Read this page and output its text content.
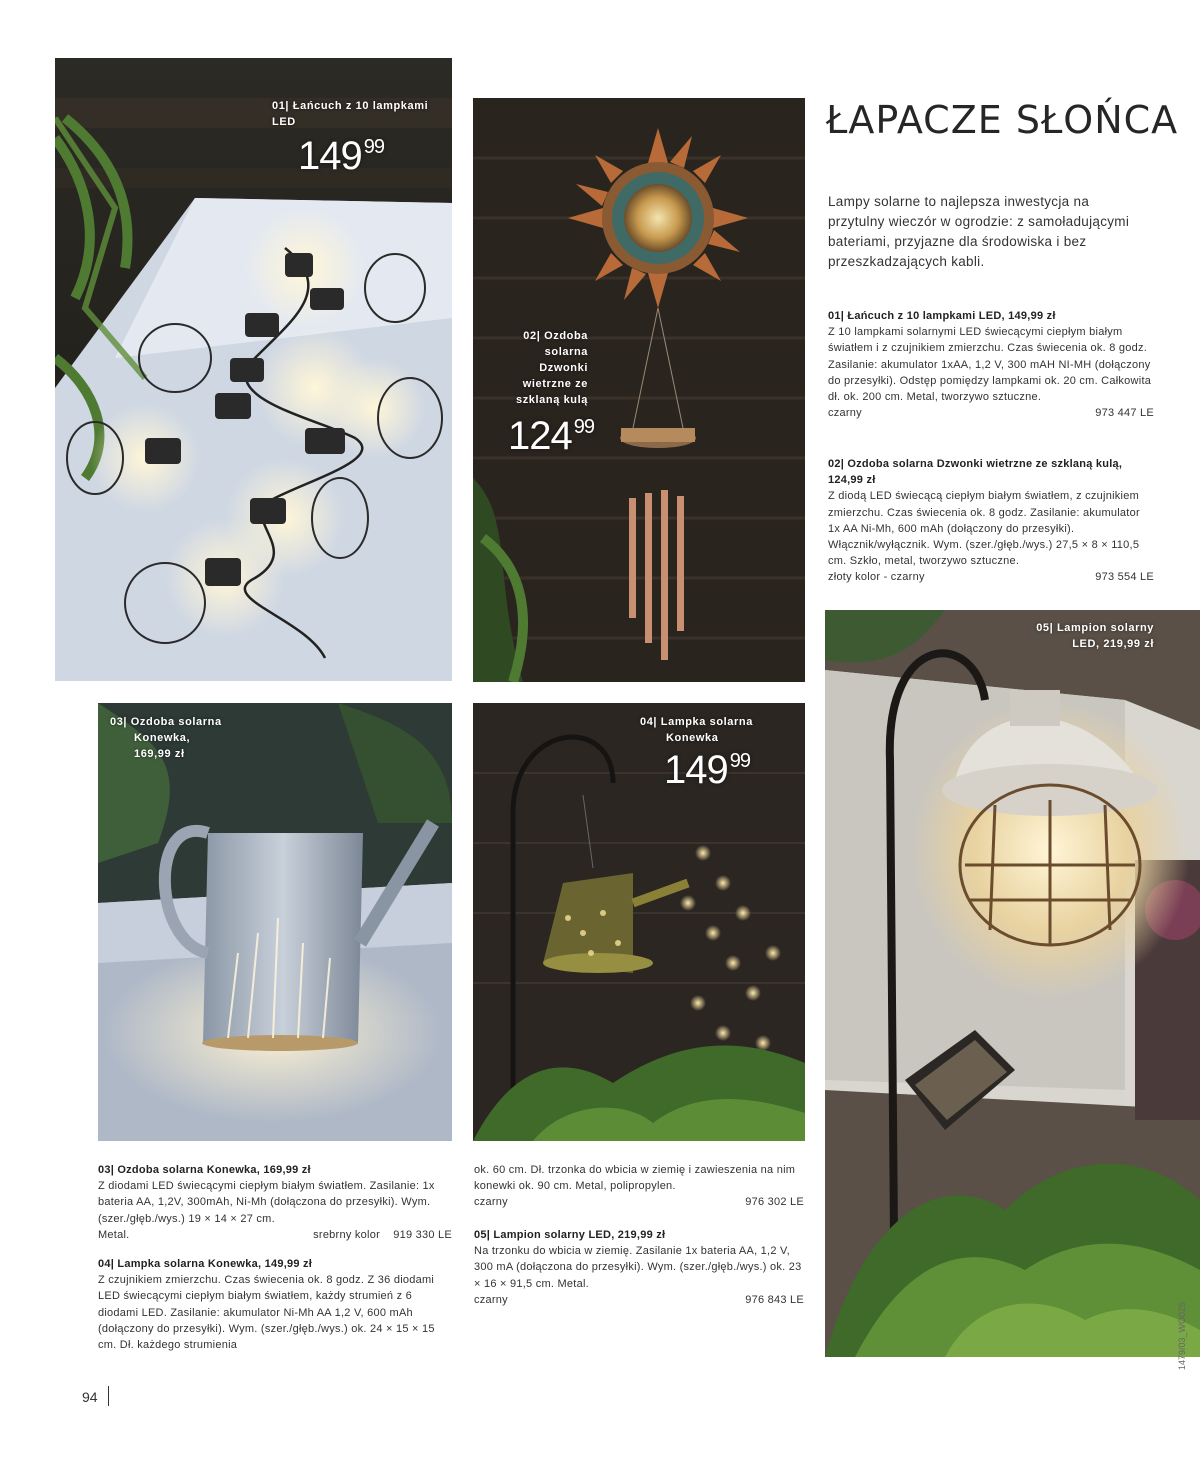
01| Łańcuch z 10 lampkami LED
149 $^{99}$
02| Ozdoba
solarna
Dzwonki
wietrzne ze
szklaną kulą
124 $^{99}$
ŁAPACZE SŁOŃCA
Lampy solarne to najlepsza inwestycja na przytulny wieczór w ogrodzie: z samoładującymi bateriami, przyjazne dla środowiska i bez przeszkadzających kabli.

01| Łańcuch z 10 lampkami LED, 149,99 zł

Z 10 lampkami solarnymi LED świecącymi ciepłym białym światłem i z czujnikiem zmierzchu. Czas świecenia ok. 8 godz. Zasilanie: akumulator 1xAA, 1,2 V, 300 mAH NI-MH (dołączony do przesyłki). Odstęp pomiędzy lampkami ok. 20 cm. Całkowita dł. ok. 200 cm. Metal, tworzywo sztuczne.

czarny	973 447 LE

02| Ozdoba solarna Dzwonki wietrzne ze szklaną kulą, 124,99 zł

Z diodą LED świecącą ciepłym białym światłem, z czujnikiem zmierzchu. Czas świecenia ok. 8 godz. Zasilanie: akumulator 1x AA Ni-Mh, 600 mAh (dołączony do przesyłki). Włącznik/wyłącznik. Wym. (szer./głęb./wys.) 27,5 × 8 × 110,5 cm. Szkło, metal, tworzywo sztuczne.

złoty kolor - czarny	973 554 LE
03| Ozdoba solarna
Konewka,
169,99 zł
04| Lampka solarna
Konewka
149 $^{99}$
05| Lampion solarny
LED, 219,99 zł

03| Ozdoba solarna Konewka, 169,99 zł

Z diodami LED świecącymi ciepłym białym światłem. Zasilanie: 1x bateria AA, 1,2V, 300mAh, Ni-Mh (dołączona do przesyłki). Wym. (szer./głęb./wys.) 19 × 14 × 27 cm.

Metal.	srebrny kolor 919 330 LE

04| Lampka solarna Konewka, 149,99 zł

Z czujnikiem zmierzchu. Czas świecenia ok. 8 godz. Z 36 diodami LED świecącymi ciepłym białym światłem, każdy strumień z 6 diodami LED. Zasilanie: akumulator Ni-Mh AA 1,2 V, 600 mAh (dołączony do przesyłki). Wym. (szer./głęb./wys.) ok. 24 × 15 × 15 cm. Dł. każdego strumienia

ok. 60 cm. Dł. trzonka do wbicia w ziemię i zawieszenia na nim konewki ok. 90 cm. Metal, polipropylen.

czarny	976 302 LE

05| Lampion solarny LED, 219,99 zł

Na trzonku do wbicia w ziemię. Zasilanie 1x bateria AA, 1,2 V, 300 mA (dołączona do przesyłki). Wym. (szer./głęb./wys.) ok. 23 × 16 × 91,5 cm. Metal.

czarny	976 843 LE
94
1479/03_WO025
